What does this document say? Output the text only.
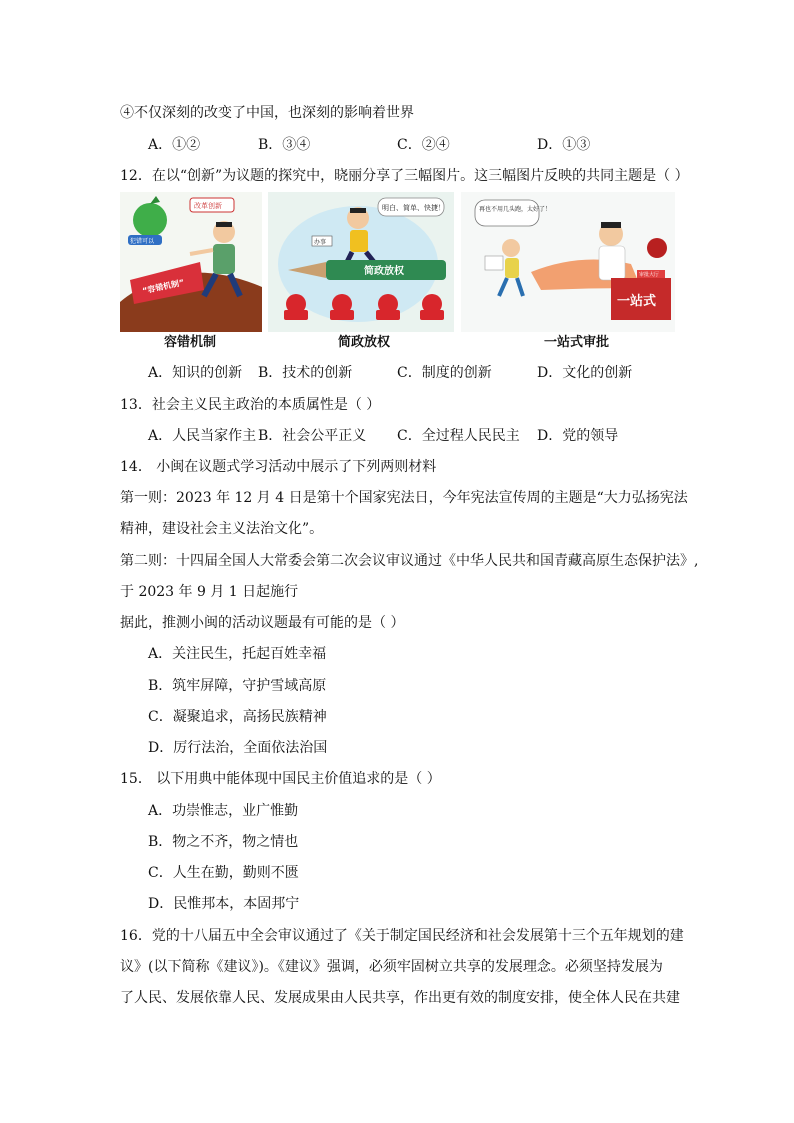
④不仅深刻的改变了中国，也深刻的影响着世界
A．①②	B．③④	C．②④	D．①③
12．在以“创新”为议题的探究中，晓丽分享了三幅图片。这三幅图片反映的共同主题是（ ）
“容错机制”
犯错可以
改革创新
容错机制
明白、简单、快捷！
办事
简政放权
简政放权
再也不用几头跑，太好了！
一站式
审批大厅
一站式审批
A．知识的创新 B．技术的创新	C．制度的创新	D．文化的创新
13．社会主义民主政治的本质属性是（ ）
A．人民当家作主 B．社会公平正义 C．全过程人民民主 D．党的领导
14． 小闽在议题式学习活动中展示了下列两则材料
第一则：2023 年 12 月 4 日是第十个国家宪法日，今年宪法宣传周的主题是“大力弘扬宪法
精神，建设社会主义法治文化”。
第二则：十四届全国人大常委会第二次会议审议通过《中华人民共和国青藏高原生态保护法》,
于 2023 年 9 月 1 日起施行
据此，推测小闽的活动议题最有可能的是（ ）
A．关注民生，托起百姓幸福
B．筑牢屏障，守护雪域高原
C．凝聚追求，高扬民族精神
D．厉行法治，全面依法治国
15． 以下用典中能体现中国民主价值追求的是（ ）
A．功崇惟志，业广惟勤
B．物之不齐，物之情也
C．人生在勤，勤则不匮
D．民惟邦本，本固邦宁
16．党的十八届五中全会审议通过了《关于制定国民经济和社会发展第十三个五年规划的建
议》(以下简称《建议》)。《建议》强调，必须牢固树立共享的发展理念。必须坚持发展为
了人民、发展依靠人民、发展成果由人民共享，作出更有效的制度安排，使全体人民在共建
